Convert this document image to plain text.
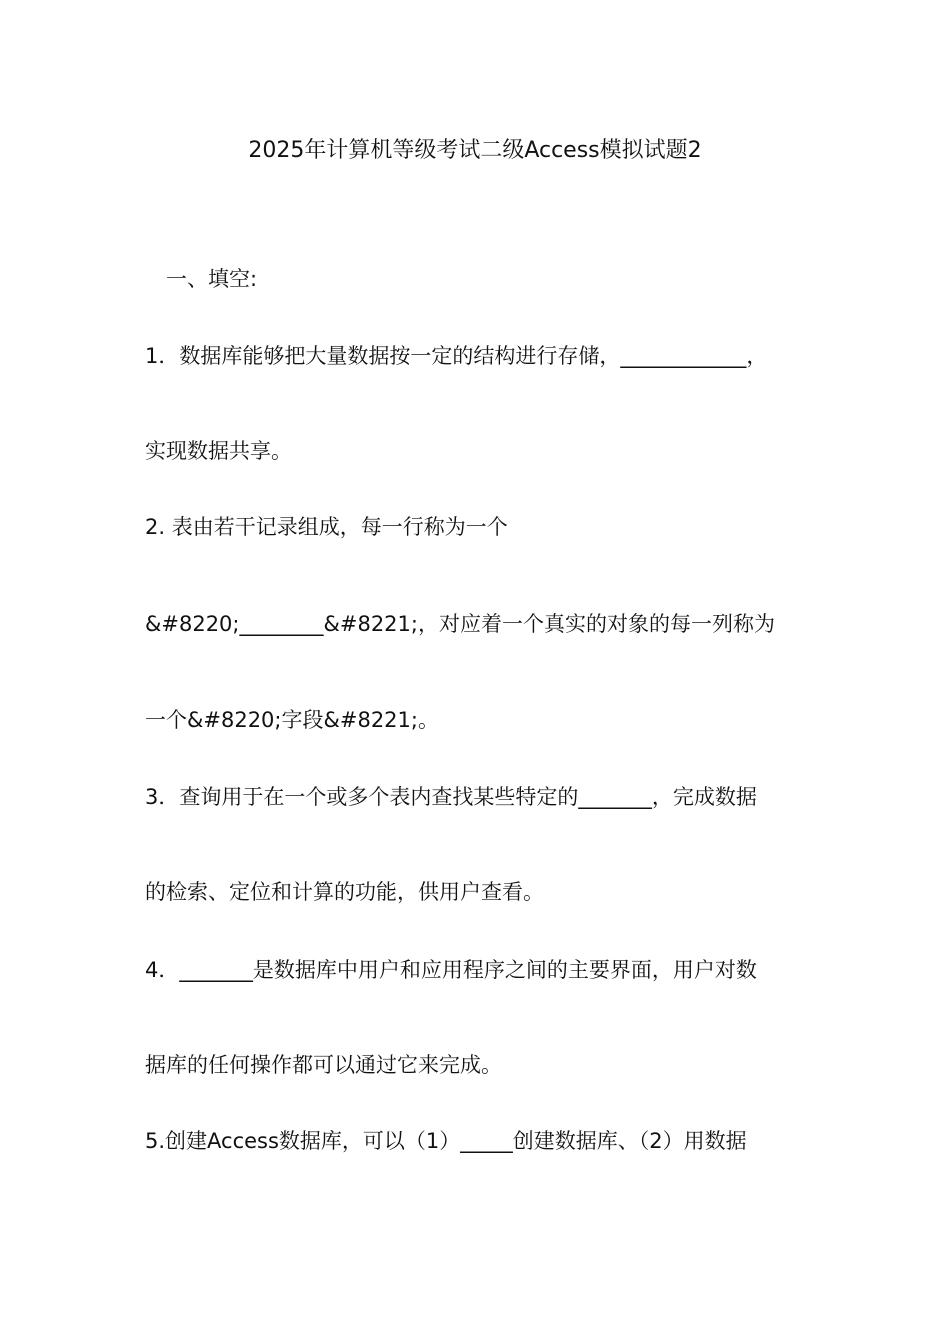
2025年计算机等级考试二级Access模拟试题2

一、填空:

1．数据库能够把大量数据按一定的结构进行存储，____________，

实现数据共享。

2. 表由若干记录组成，每一行称为一个

&#8220;________&#8221;，对应着一个真实的对象的每一列称为

一个&#8220;字段&#8221;。

3．查询用于在一个或多个表内查找某些特定的_______，完成数据

的检索、定位和计算的功能，供用户查看。

4．_______是数据库中用户和应用程序之间的主要界面，用户对数

据库的任何操作都可以通过它来完成。

5.创建Access数据库，可以（1）_____创建数据库、（2）用数据
